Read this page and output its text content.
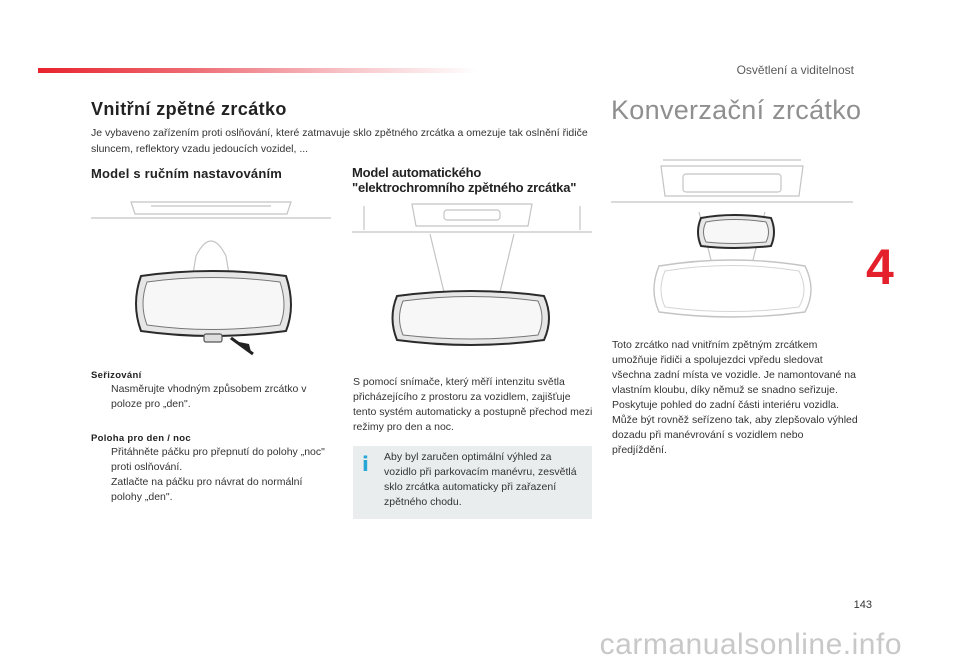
Osvětlení a viditelnost
4
Vnitřní zpětné zrcátko
Je vybaveno zařízením proti oslňování, které zatmavuje sklo zpětného zrcátka a omezuje tak oslnění řidiče sluncem, reflektory vzadu jedoucích vozidel, ...
Model s ručním nastavováním
Seřizování
Nasměrujte vhodným způsobem zrcátko v poloze pro „den".
Poloha pro den / noc
Přitáhněte páčku pro přepnutí do polohy „noc" proti oslňování.
Zatlačte na páčku pro návrat do normální polohy „den".
Model automatického
"elektrochromního zpětného zrcátka"
S pomocí snímače, který měří intenzitu světla přicházejícího z prostoru za vozidlem, zajišťuje tento systém automaticky a postupně přechod mezi režimy pro den a noc.
i Aby byl zaručen optimální výhled za vozidlo při parkovacím manévru, zesvětlá sklo zrcátka automaticky při zařazení zpětného chodu.
Konverzační zrcátko
Toto zrcátko nad vnitřním zpětným zrcátkem umožňuje řidiči a spolujezdci vpředu sledovat všechna zadní místa ve vozidle. Je namontované na vlastním kloubu, díky němuž se snadno seřizuje. Poskytuje pohled do zadní části interiéru vozidla. Může být rovněž seřízeno tak, aby zlepšovalo výhled dozadu při manévrování s vozidlem nebo předjíždění.
143
carmanualsonline.info
